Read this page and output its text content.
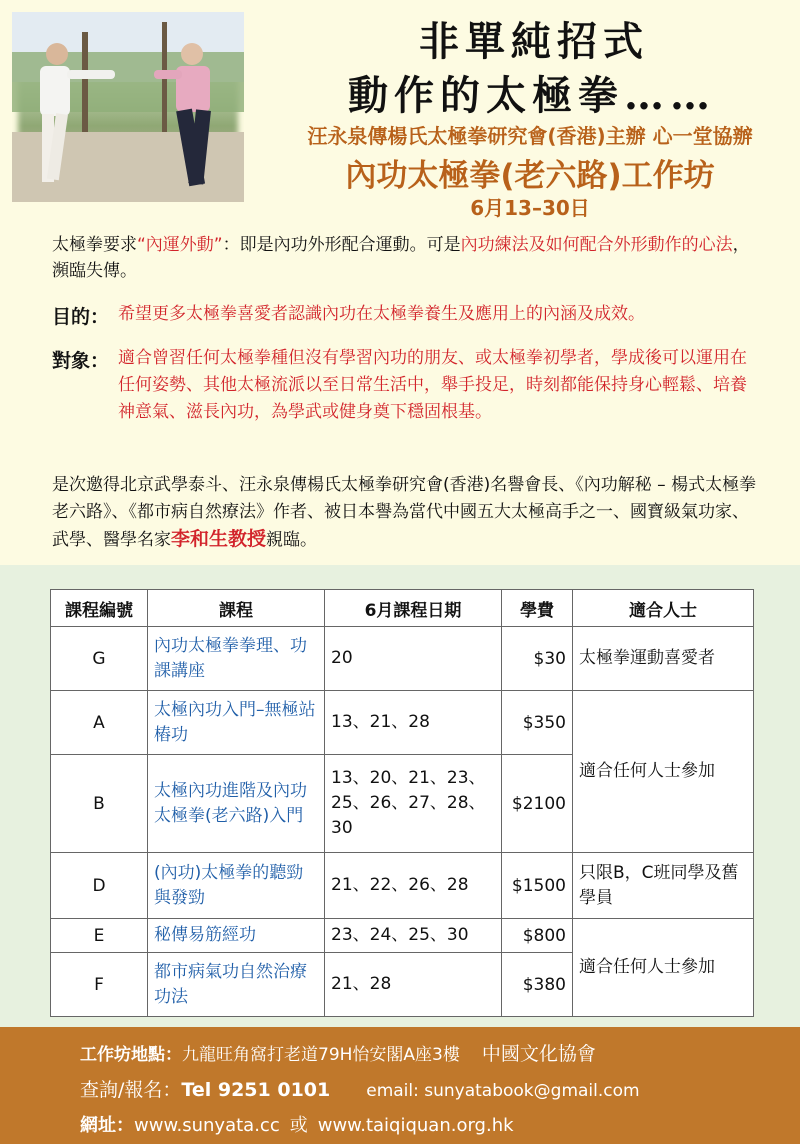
非單純招式
動作的太極拳……
汪永泉傳楊氏太極拳研究會(香港)主辦 心一堂協辦
內功太極拳(老六路)工作坊
6月13–30日
太極拳要求“內運外動”：即是內功外形配合運動。可是內功練法及如何配合外形動作的心法，瀕臨失傳。
目的： 希望更多太極拳喜愛者認識內功在太極拳養生及應用上的內涵及成效。
對象： 適合曾習任何太極拳種但沒有學習內功的朋友、或太極拳初學者，學成後可以運用在任何姿勢、其他太極流派以至日常生活中，舉手投足，時刻都能保持身心輕鬆、培養神意氣、滋長內功，為學武或健身奠下穩固根基。
是次邀得北京武學泰斗、汪永泉傳楊氏太極拳研究會(香港)名譽會長、《內功解秘 – 楊式太極拳老六路》、《都市病自然療法》作者、被日本譽為當代中國五大太極高手之一、國寶級氣功家、武學、醫學名家李和生教授親臨。
課程編號	課程	6月課程日期	學費	適合人士
G	內功太極拳拳理、功課講座	20	$30	太極拳運動喜愛者
A	太極內功入門–無極站樁功	13、21、28	$350	適合任何人士參加
B	太極內功進階及內功太極拳(老六路)入門	13、20、21、23、25、26、27、28、30	$2100	
D	(內功)太極拳的聽勁與發勁	21、22、26、28	$1500	只限B，C班同學及舊學員
E	秘傳易筋經功	23、24、25、30	$800	適合任何人士參加
F	都市病氣功自然治療功法	21、28	$380	
工作坊地點：九龍旺角窩打老道79H怡安閣A座3樓 中國文化協會
查詢/報名：Tel 9251 0101 email: sunyatabook@gmail.com
網址：www.sunyata.cc 或 www.taiqiquan.org.hk
